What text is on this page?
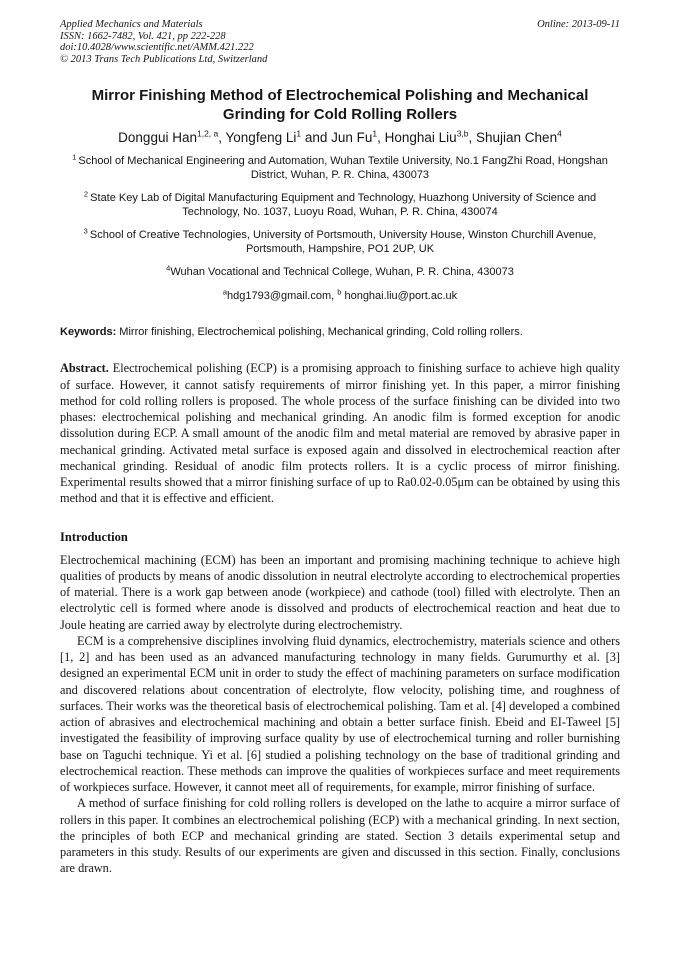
Applied Mechanics and Materials
ISSN: 1662-7482, Vol. 421, pp 222-228
doi:10.4028/www.scientific.net/AMM.421.222
© 2013 Trans Tech Publications Ltd, Switzerland
Online: 2013-09-11
Mirror Finishing Method of Electrochemical Polishing and Mechanical
Grinding for Cold Rolling Rollers
Donggui Han$^{1,2, a}$, Yongfeng Li$^1$ and Jun Fu$^1$, Honghai Liu$^{3,b}$, Shujian Chen$^4$
$^1$ School of Mechanical Engineering and Automation, Wuhan Textile University, No.1 FangZhi Road, Hongshan District, Wuhan, P. R. China, 430073
$^2$ State Key Lab of Digital Manufacturing Equipment and Technology, Huazhong University of Science and Technology, No. 1037, Luoyu Road, Wuhan, P. R. China, 430074
$^3$ School of Creative Technologies, University of Portsmouth, University House, Winston Churchill Avenue, Portsmouth, Hampshire, PO1 2UP, UK
$^4$Wuhan Vocational and Technical College, Wuhan, P. R. China, 430073
$^a$hdg1793@gmail.com, $^b$ honghai.liu@port.ac.uk
Keywords: Mirror finishing, Electrochemical polishing, Mechanical grinding, Cold rolling rollers.

Abstract. Electrochemical polishing (ECP) is a promising approach to finishing surface to achieve high quality of surface. However, it cannot satisfy requirements of mirror finishing yet. In this paper, a mirror finishing method for cold rolling rollers is proposed. The whole process of the surface finishing can be divided into two phases: electrochemical polishing and mechanical grinding. An anodic film is formed exception for anodic dissolution during ECP. A small amount of the anodic film and metal material are removed by abrasive paper in mechanical grinding. Activated metal surface is exposed again and dissolved in electrochemical reaction after mechanical grinding. Residual of anodic film protects rollers. It is a cyclic process of mirror finishing. Experimental results showed that a mirror finishing surface of up to Ra0.02-0.05μm can be obtained by using this method and that it is effective and efficient.

Introduction

Electrochemical machining (ECM) has been an important and promising machining technique to achieve high qualities of products by means of anodic dissolution in neutral electrolyte according to electrochemical properties of material. There is a work gap between anode (workpiece) and cathode (tool) filled with electrolyte. Then an electrolytic cell is formed where anode is dissolved and products of electrochemical reaction and heat due to Joule heating are carried away by electrolyte during electrochemistry.

ECM is a comprehensive disciplines involving fluid dynamics, electrochemistry, materials science and others [1, 2] and has been used as an advanced manufacturing technology in many fields. Gurumurthy et al. [3] designed an experimental ECM unit in order to study the effect of machining parameters on surface modification and discovered relations about concentration of electrolyte, flow velocity, polishing time, and roughness of surfaces. Their works was the theoretical basis of electrochemical polishing. Tam et al. [4] developed a combined action of abrasives and electrochemical machining and obtain a better surface finish. Ebeid and EI-Taweel [5] investigated the feasibility of improving surface quality by use of electrochemical turning and roller burnishing base on Taguchi technique. Yi et al. [6] studied a polishing technology on the base of traditional grinding and electrochemical reaction. These methods can improve the qualities of workpieces surface and meet requirements of workpieces surface. However, it cannot meet all of requirements, for example, mirror finishing of surface.

A method of surface finishing for cold rolling rollers is developed on the lathe to acquire a mirror surface of rollers in this paper. It combines an electrochemical polishing (ECP) with a mechanical grinding. In next section, the principles of both ECP and mechanical grinding are stated. Section 3 details experimental setup and parameters in this study. Results of our experiments are given and discussed in this section. Finally, conclusions are drawn.
